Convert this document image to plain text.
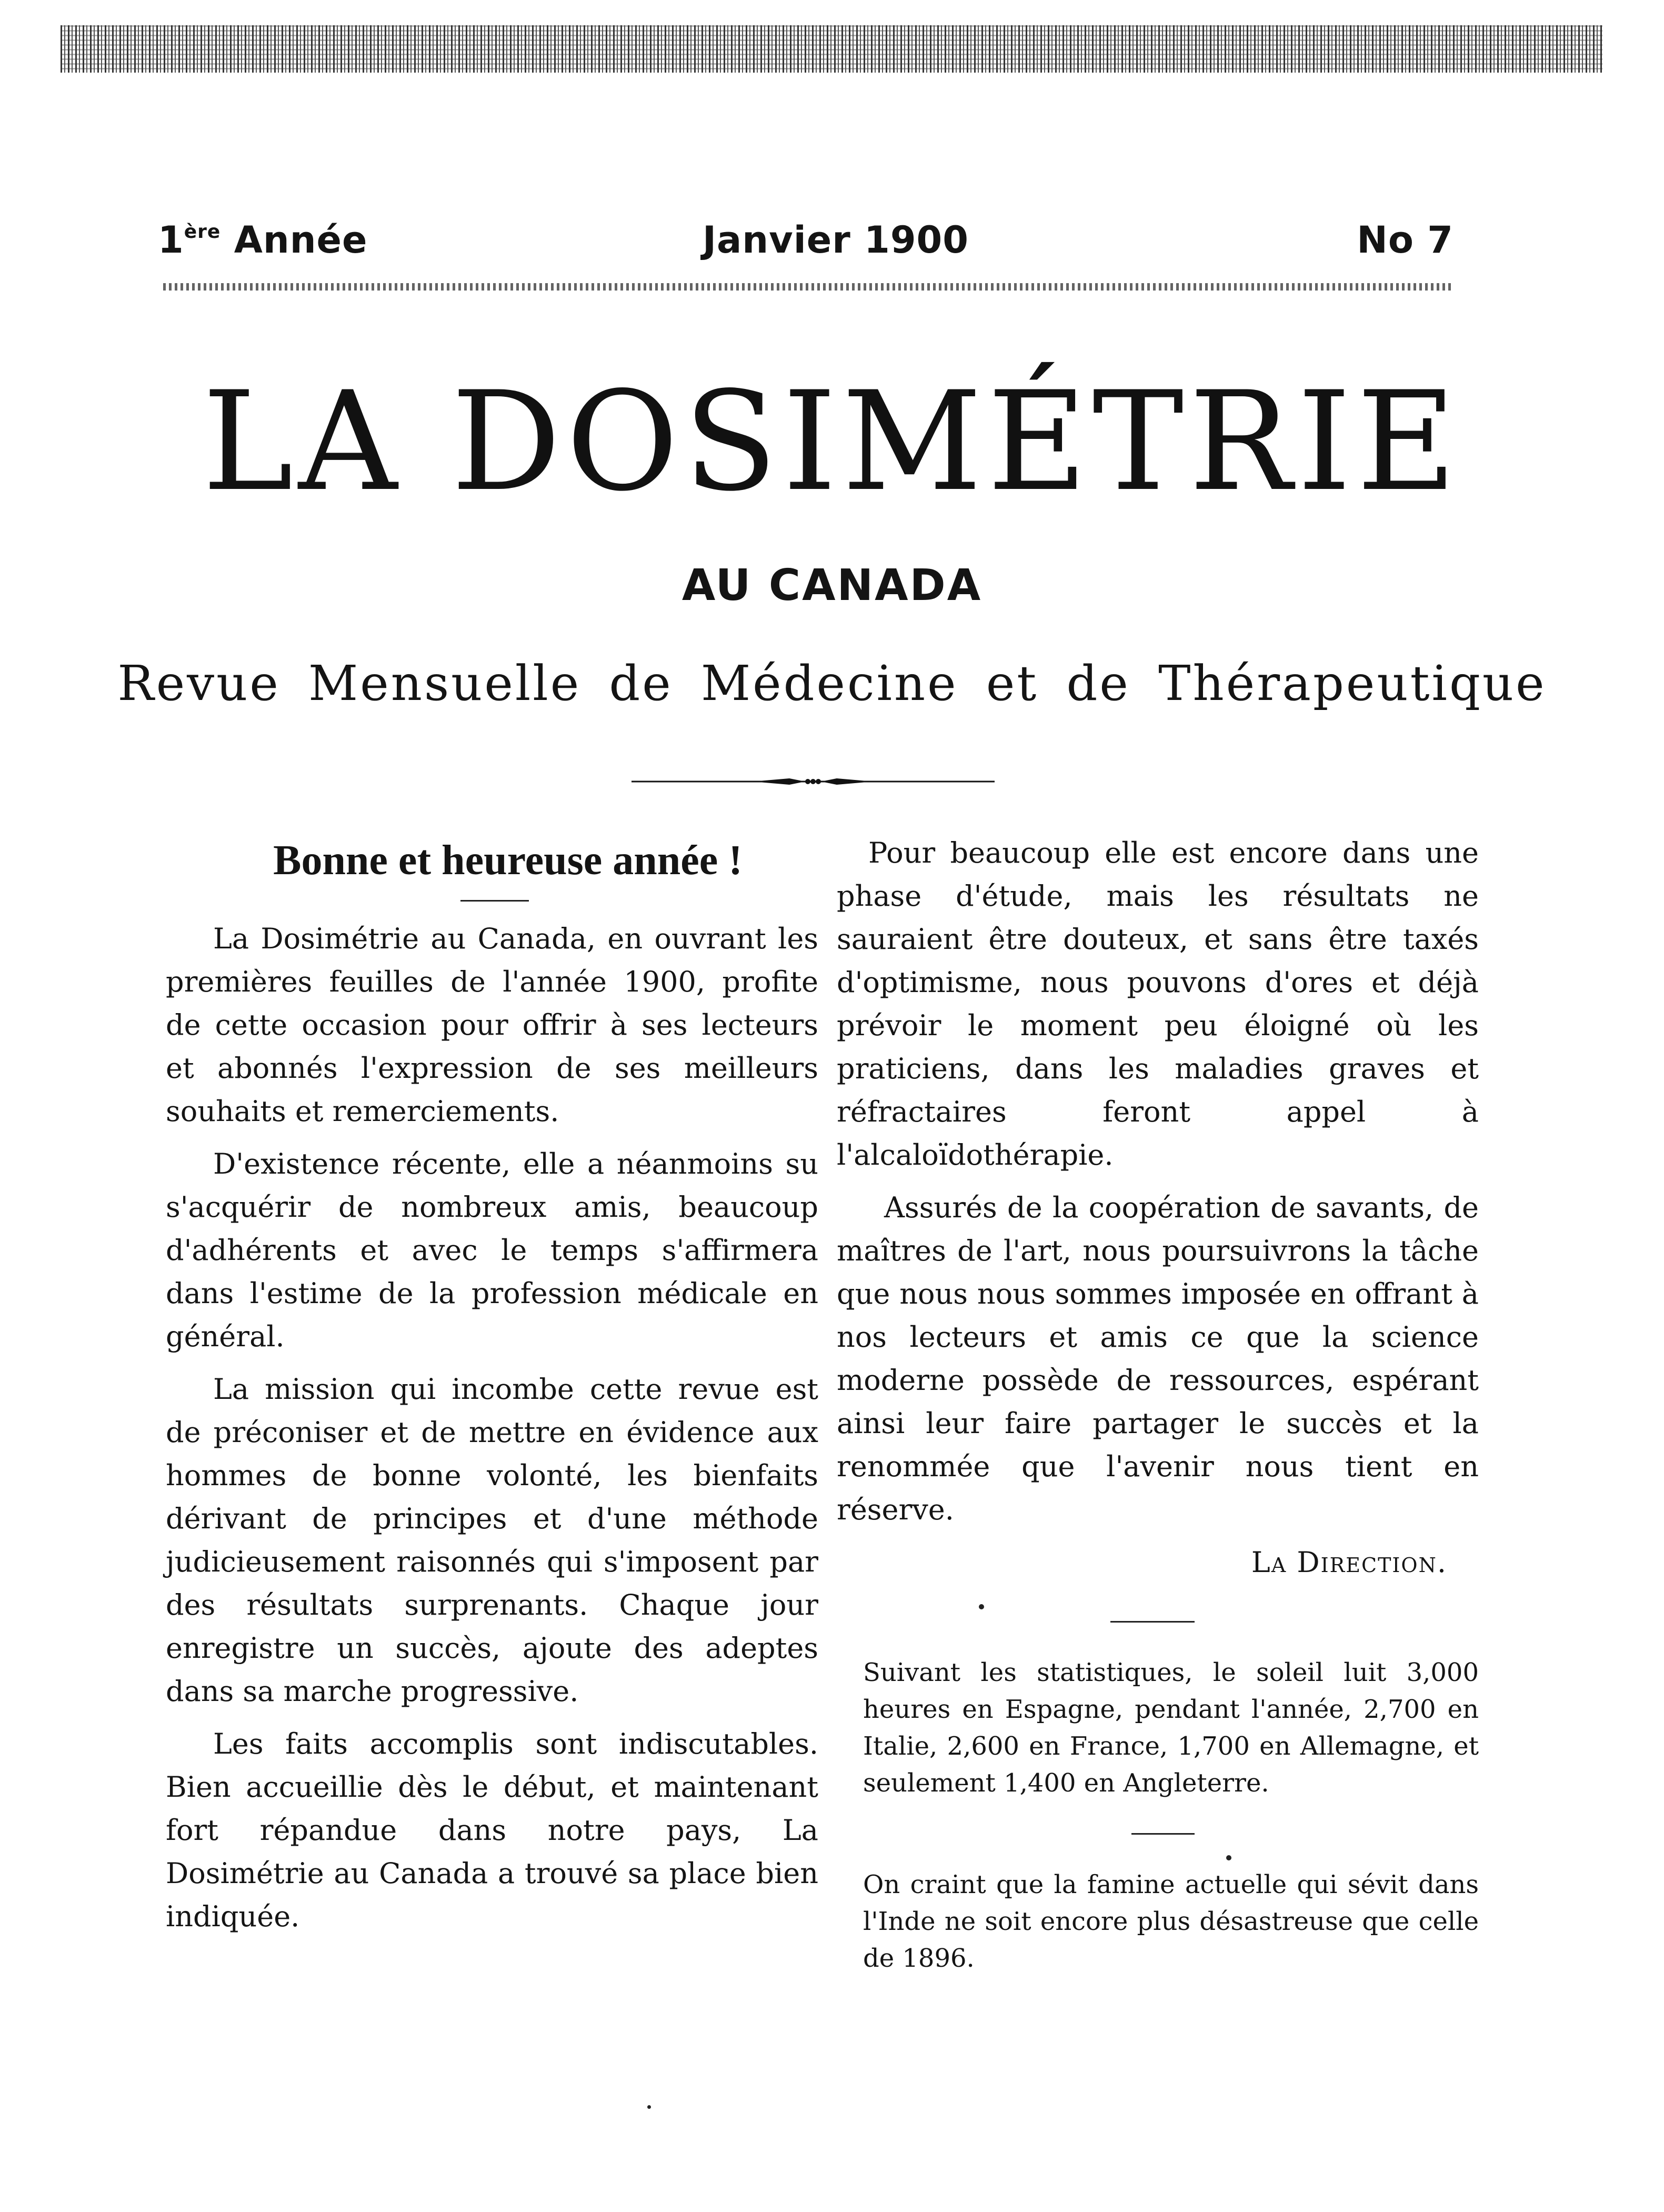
1ère Année	Janvier 1900	No 7
LA DOSIMÉTRIE
AU CANADA
Revue Mensuelle de Médecine et de Thérapeutique
Bonne et heureuse année !

La Dosimétrie au Canada, en ouvrant les premières feuilles de l'année 1900, profite de cette occasion pour offrir à ses lecteurs et abonnés l'expression de ses meilleurs souhaits et remerciements.

D'existence récente, elle a néanmoins su s'acquérir de nombreux amis, beaucoup d'adhérents et avec le temps s'affirmera dans l'estime de la profession médicale en général.

La mission qui incombe cette revue est de préconiser et de mettre en évidence aux hommes de bonne volonté, les bienfaits dérivant de principes et d'une méthode judicieusement raisonnés qui s'imposent par des résultats surprenants. Chaque jour enregistre un succès, ajoute des adeptes dans sa marche progressive.

Les faits accomplis sont indiscutables. Bien accueillie dès le début, et maintenant fort répandue dans notre pays, La Dosimétrie au Canada a trouvé sa place bien indiquée.

Pour beaucoup elle est encore dans une phase d'étude, mais les résultats ne sauraient être douteux, et sans être taxés d'optimisme, nous pouvons d'ores et déjà prévoir le moment peu éloigné où les praticiens, dans les maladies graves et réfractaires feront appel à l'alcaloïdothérapie.

Assurés de la coopération de savants, de maîtres de l'art, nous poursuivrons la tâche que nous nous sommes imposée en offrant à nos lecteurs et amis ce que la science moderne possède de ressources, espérant ainsi leur faire partager le succès et la renommée que l'avenir nous tient en réserve.

La Direction.

Suivant les statistiques, le soleil luit 3,000 heures en Espagne, pendant l'année, 2,700 en Italie, 2,600 en France, 1,700 en Allemagne, et seulement 1,400 en Angleterre.

On craint que la famine actuelle qui sévit dans l'Inde ne soit encore plus désastreuse que celle de 1896.
